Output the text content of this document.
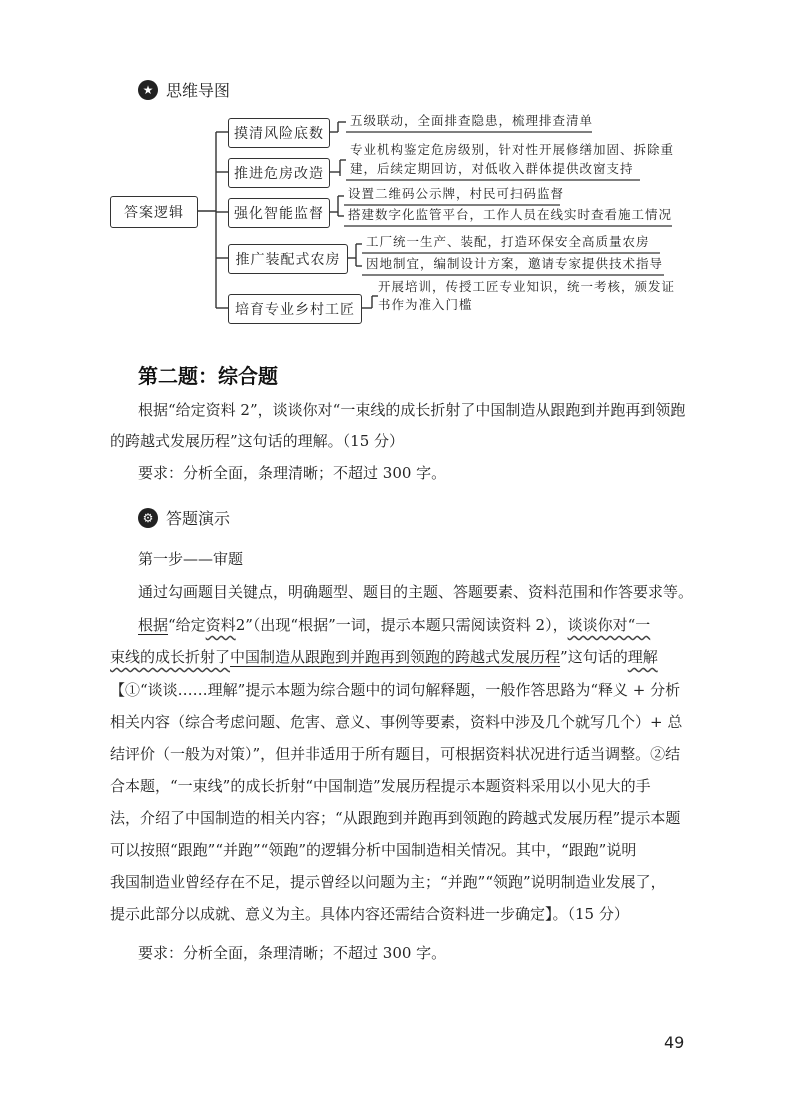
★ 思维导图
答案逻辑
摸清风险底数
推进危房改造
强化智能监督
推广装配式农房
培育专业乡村工匠
五级联动，全面排查隐患，梳理排查清单
专业机构鉴定危房级别，针对性开展修缮加固、拆除重
建，后续定期回访，对低收入群体提供改窗支持
设置二维码公示牌，村民可扫码监督
搭建数字化监管平台，工作人员在线实时查看施工情况
工厂统一生产、装配，打造环保安全高质量农房
因地制宜，编制设计方案，邀请专家提供技术指导
开展培训，传授工匠专业知识，统一考核，颁发证
书作为准入门槛
第二题：综合题
根据“给定资料 2”，谈谈你对“一束线的成长折射了中国制造从跟跑到并跑再到领跑
的跨越式发展历程”这句话的理解。（15 分）
要求：分析全面，条理清晰；不超过 300 字。
⚙ 答题演示
第一步——审题
通过勾画题目关键点，明确题型、题目的主题、答题要素、资料范围和作答要求等。
根据“给定资料2”（出现“根据”一词，提示本题只需阅读资料 2），谈谈你对“一
束线的成长折射了中国制造从跟跑到并跑再到领跑的跨越式发展历程”这句话的理解
【①“谈谈……理解”提示本题为综合题中的词句解释题，一般作答思路为“释义 + 分析
相关内容（综合考虑问题、危害、意义、事例等要素，资料中涉及几个就写几个）+ 总
结评价（一般为对策）”，但并非适用于所有题目，可根据资料状况进行适当调整。②结
合本题，“一束线”的成长折射“中国制造”发展历程提示本题资料采用以小见大的手
法，介绍了中国制造的相关内容；“从跟跑到并跑再到领跑的跨越式发展历程”提示本题
可以按照“跟跑”“并跑”“领跑”的逻辑分析中国制造相关情况。其中，“跟跑”说明
我国制造业曾经存在不足，提示曾经以问题为主；“并跑”“领跑”说明制造业发展了，
提示此部分以成就、意义为主。具体内容还需结合资料进一步确定】。（15 分）
要求：分析全面，条理清晰；不超过 300 字。
49
